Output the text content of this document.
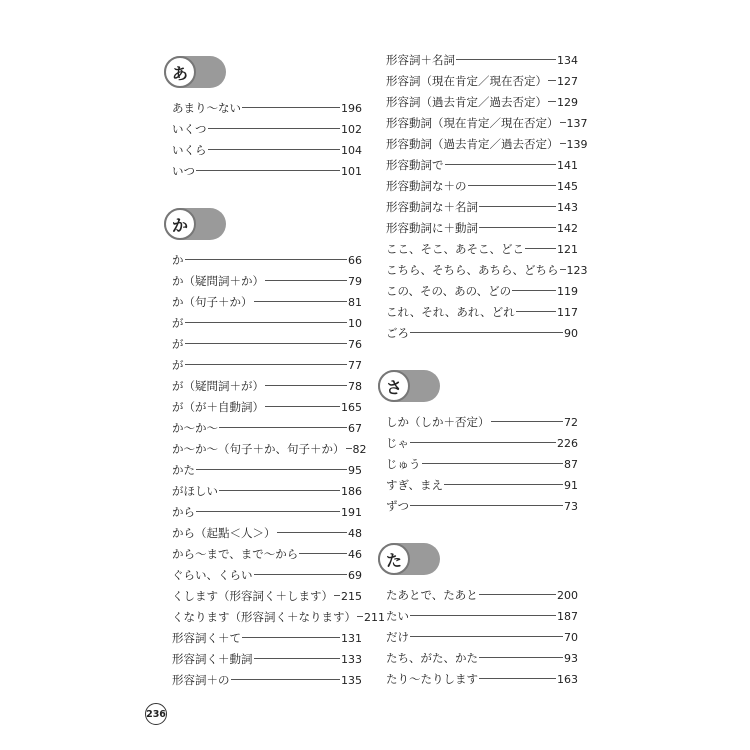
あ
あまり〜ない	196
いくつ	102
いくら	104
いつ	101
か
か	66
か（疑問詞＋か）	79
か（句子＋か）	81
が	10
が	76
が	77
が（疑問詞＋が）	78
が（が＋自動詞）	165
か〜か〜	67
か〜か〜（句子＋か、句子＋か） 82
かた	95
がほしい	186
から	191
から（起點＜人＞）	48
から〜まで、まで〜から	46
ぐらい、くらい	69
くします（形容詞く＋します） 215
くなります（形容詞く＋なります） 211
形容詞く＋て	131
形容詞く＋動詞	133
形容詞＋の	135
形容詞＋名詞	134
形容詞（現在肯定／現在否定） 127
形容詞（過去肯定／過去否定） 129
形容動詞（現在肯定／現在否定） 137
形容動詞（過去肯定／過去否定） 139
形容動詞で	141
形容動詞な＋の	145
形容動詞な＋名詞	143
形容動詞に＋動詞	142
ここ、そこ、あそこ、どこ	121
こちら、そちら、あちら、どちら 123
この、その、あの、どの	119
これ、それ、あれ、どれ	117
ごろ	90
さ
しか（しか＋否定）	72
じゃ	226
じゅう	87
すぎ、まえ	91
ずつ	73
た
たあとで、たあと	200
たい	187
だけ	70
たち、がた、かた	93
たり〜たりします	163
236
